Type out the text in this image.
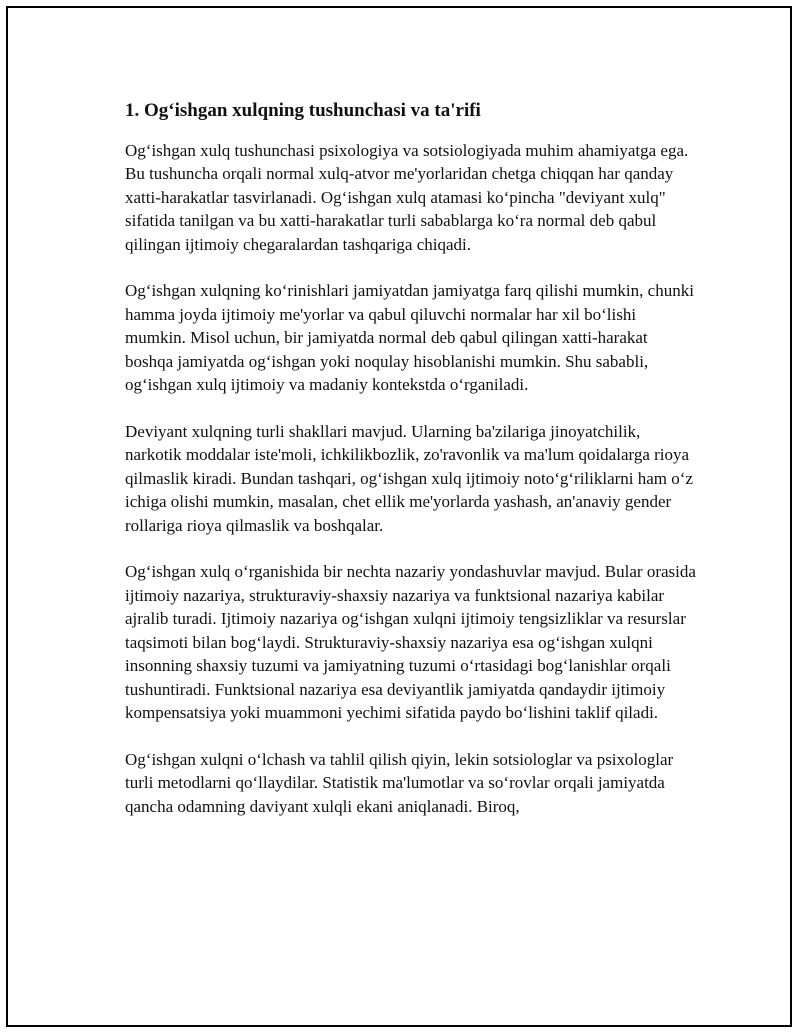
1. Og‘ishgan xulqning tushunchasi va ta'rifi

Og‘ishgan xulq tushunchasi psixologiya va sotsiologiyada muhim ahamiyatga ega. Bu tushuncha orqali normal xulq-atvor me'yorlaridan chetga chiqqan har qanday xatti-harakatlar tasvirlanadi. Og‘ishgan xulq atamasi ko‘pincha "deviyant xulq" sifatida tanilgan va bu xatti-harakatlar turli sabablarga ko‘ra normal deb qabul qilingan ijtimoiy chegaralardan tashqariga chiqadi.

Og‘ishgan xulqning ko‘rinishlari jamiyatdan jamiyatga farq qilishi mumkin, chunki hamma joyda ijtimoiy me'yorlar va qabul qiluvchi normalar har xil bo‘lishi mumkin. Misol uchun, bir jamiyatda normal deb qabul qilingan xatti-harakat boshqa jamiyatda og‘ishgan yoki noqulay hisoblanishi mumkin. Shu sababli, og‘ishgan xulq ijtimoiy va madaniy kontekstda o‘rganiladi.

Deviyant xulqning turli shakllari mavjud. Ularning ba'zilariga jinoyatchilik, narkotik moddalar iste'moli, ichkilikbozlik, zo'ravonlik va ma'lum qoidalarga rioya qilmaslik kiradi. Bundan tashqari, og‘ishgan xulq ijtimoiy noto‘g‘riliklarni ham o‘z ichiga olishi mumkin, masalan, chet ellik me'yorlarda yashash, an'anaviy gender rollariga rioya qilmaslik va boshqalar.

Og‘ishgan xulq o‘rganishida bir nechta nazariy yondashuvlar mavjud. Bular orasida ijtimoiy nazariya, strukturaviy-shaxsiy nazariya va funktsional nazariya kabilar ajralib turadi. Ijtimoiy nazariya og‘ishgan xulqni ijtimoiy tengsizliklar va resurslar taqsimoti bilan bog‘laydi. Strukturaviy-shaxsiy nazariya esa og‘ishgan xulqni insonning shaxsiy tuzumi va jamiyatning tuzumi o‘rtasidagi bog‘lanishlar orqali tushuntiradi. Funktsional nazariya esa deviyantlik jamiyatda qandaydir ijtimoiy kompensatsiya yoki muammoni yechimi sifatida paydo bo‘lishini taklif qiladi.

Og‘ishgan xulqni o‘lchash va tahlil qilish qiyin, lekin sotsiologlar va psixologlar turli metodlarni qo‘llaydilar. Statistik ma'lumotlar va so‘rovlar orqali jamiyatda qancha odamning daviyant xulqli ekani aniqlanadi. Biroq,
